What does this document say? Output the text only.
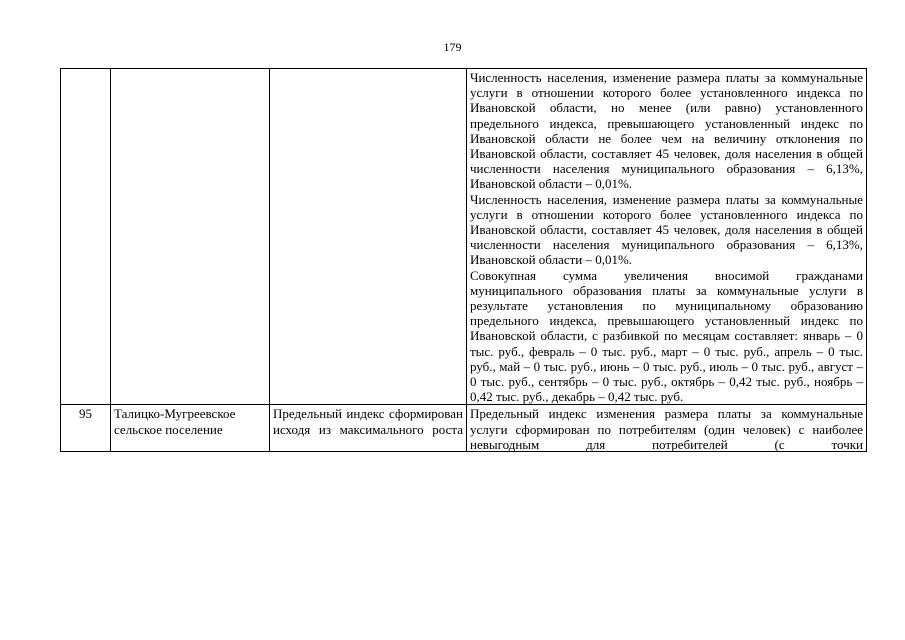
179

			Численность населения, изменение размера платы за коммунальные услуги в отношении которого более установленного индекса по Ивановской области, но менее (или равно) установленного предельного индекса, превышающего установленный индекс по Ивановской области не более чем на величину отклонения по Ивановской области, составляет 45 человек, доля населения в общей численности населения муниципального образования – 6,13%, Ивановской области – 0,01%.

Численность населения, изменение размера платы за коммунальные услуги в отношении которого более установленного индекса по Ивановской области, составляет 45 человек, доля населения в общей численности населения муниципального образования – 6,13%, Ивановской области – 0,01%.

Совокупная сумма увеличения вносимой гражданами муниципального образования платы за коммунальные услуги в результате установления по муниципальному образованию предельного индекса, превышающего установленный индекс по Ивановской области, с разбивкой по месяцам составляет: январь – 0 тыс. руб., февраль – 0 тыс. руб., март – 0 тыс. руб., апрель – 0 тыс. руб., май – 0 тыс. руб., июнь – 0 тыс. руб., июль – 0 тыс. руб., август – 0 тыс. руб., сентябрь – 0 тыс. руб., октябрь – 0,42 тыс. руб., ноябрь – 0,42 тыс. руб., декабрь – 0,42 тыс. руб.

95	Талицко-Мугреевское сельское поселение	Предельный индекс сформирован исходя из максимального роста	Предельный индекс изменения размера платы за коммунальные услуги сформирован по потребителям (один человек) с наиболее невыгодным для потребителей (с точки
